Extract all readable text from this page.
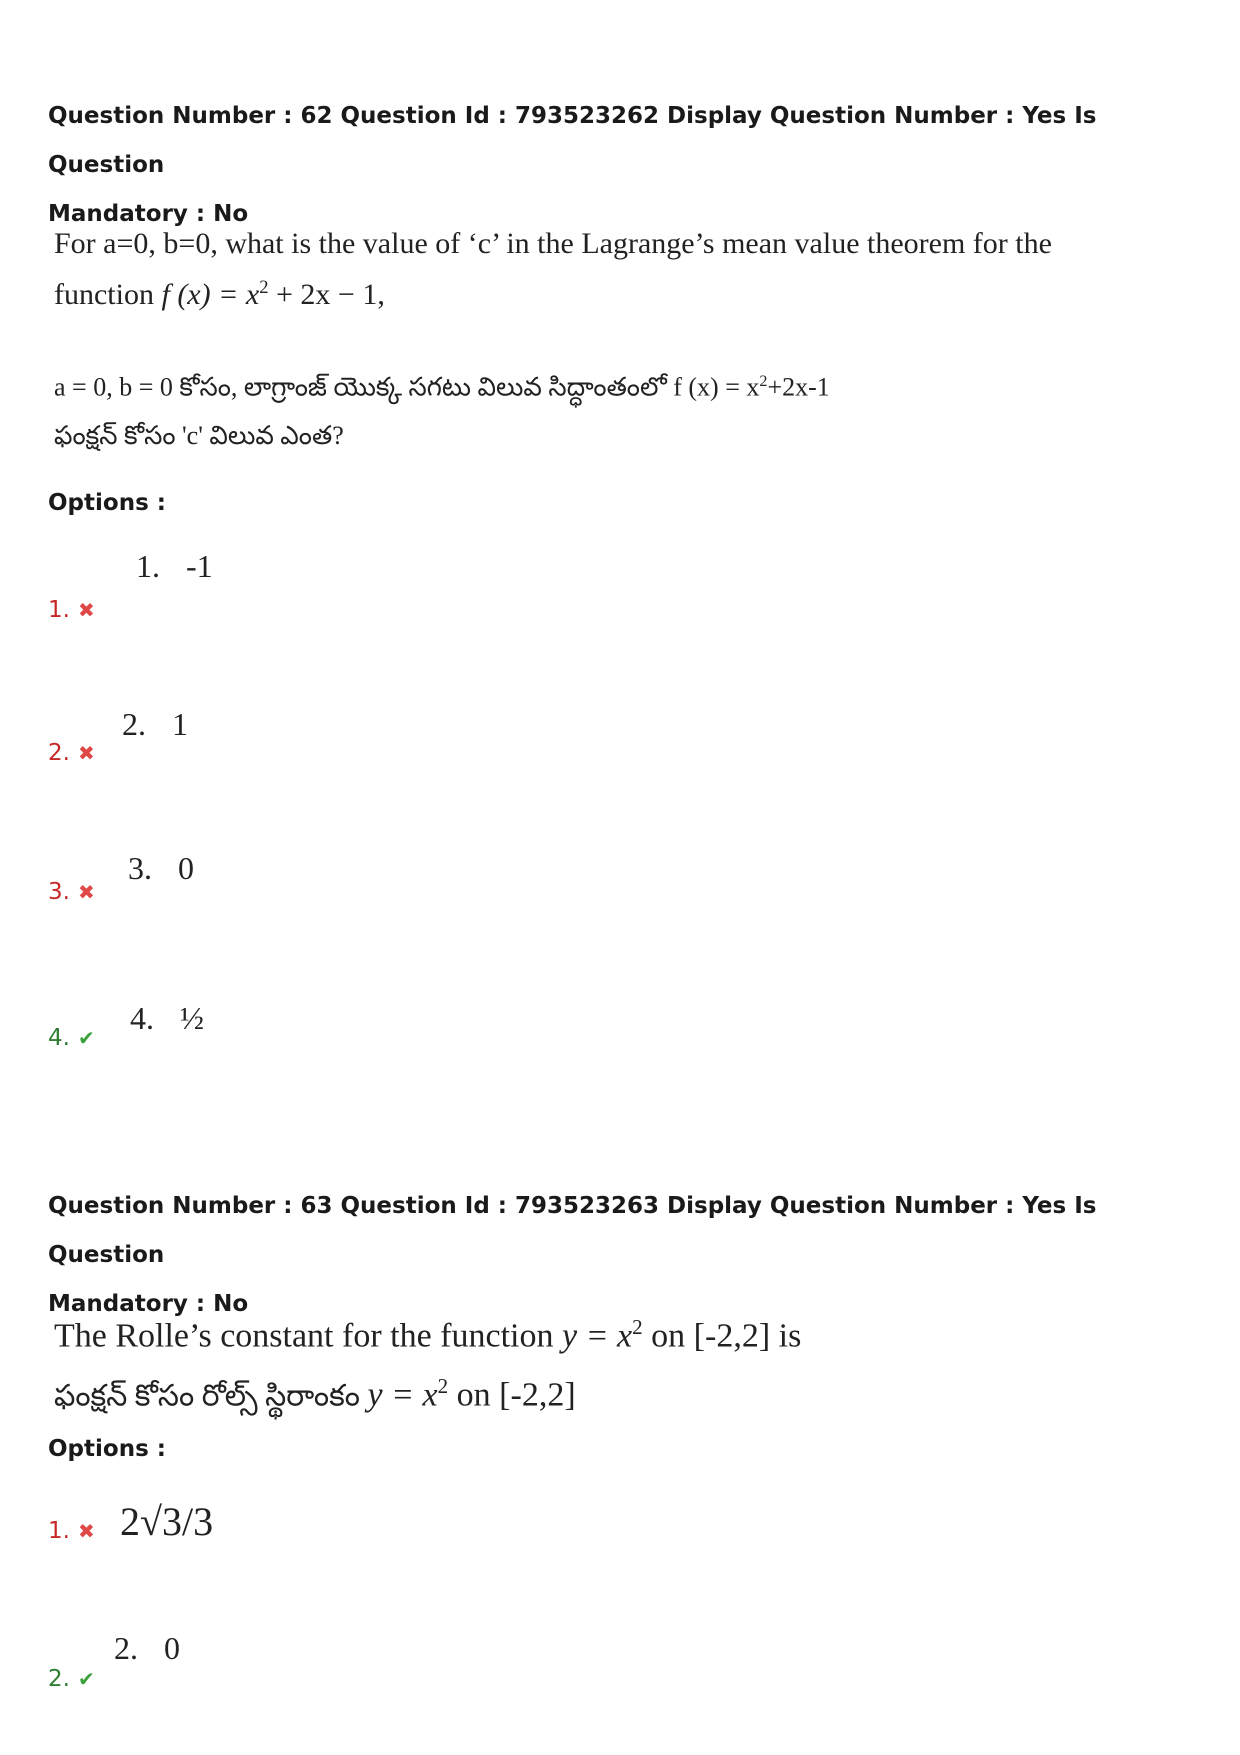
Question Number : 62 Question Id : 793523262 Display Question Number : Yes Is Question
Mandatory : No

For a=0, b=0, what is the value of ‘c’ in the Lagrange’s mean value theorem for the
function f $(x) = x^2 + 2x - 1$,
a = 0, b = 0 కోసం, లాగ్రాంజ్ యొక్క సగటు విలువ సిద్ధాంతంలో f $(x) = x^2+2x-1$
ఫంక్షన్ కోసం 'c' విలువ ఎంత?
Options :
1. -1
1. ✖
2. 1
2. ✖
3. 0
3. ✖
4. ½
4. ✔

Question Number : 63 Question Id : 793523263 Display Question Number : Yes Is Question
Mandatory : No

The Rolle’s constant for the function $y = x^2$ on [-2,2] is
ఫంక్షన్ కోసం రోల్స్ స్థిరాంకం $y = x^2$ on [-2,2]
Options :
1. ✖ 2√3/3
2. 0
2. ✔
